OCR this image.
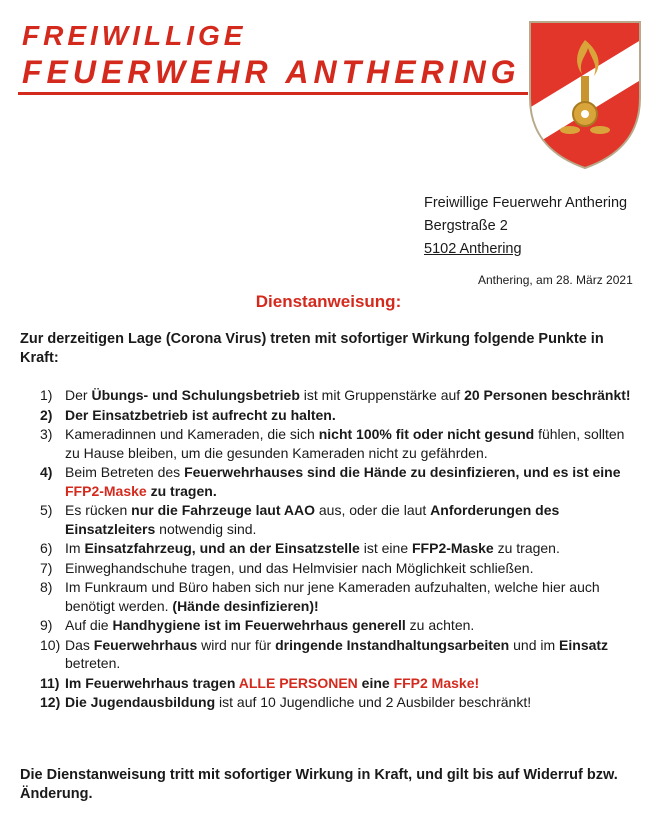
FREIWILLIGE
FEUERWEHR ANTHERING
Freiwillige Feuerwehr Anthering
Bergstraße 2
5102 Anthering
Anthering, am 28. März 2021
Dienstanweisung:
Zur derzeitigen Lage (Corona Virus) treten mit sofortiger Wirkung folgende Punkte in Kraft:
1) Der Übungs- und Schulungsbetrieb ist mit Gruppenstärke auf 20 Personen beschränkt!
2) Der Einsatzbetrieb ist aufrecht zu halten.
3) Kameradinnen und Kameraden, die sich nicht 100% fit oder nicht gesund fühlen, sollten zu Hause bleiben, um die gesunden Kameraden nicht zu gefährden.
4) Beim Betreten des Feuerwehrhauses sind die Hände zu desinfizieren, und es ist eine FFP2-Maske zu tragen.
5) Es rücken nur die Fahrzeuge laut AAO aus, oder die laut Anforderungen des Einsatzleiters notwendig sind.
6) Im Einsatzfahrzeug, und an der Einsatzstelle ist eine FFP2-Maske zu tragen.
7) Einweghandschuhe tragen, und das Helmvisier nach Möglichkeit schließen.
8) Im Funkraum und Büro haben sich nur jene Kameraden aufzuhalten, welche hier auch benötigt werden. (Hände desinfizieren)!
9) Auf die Handhygiene ist im Feuerwehrhaus generell zu achten.
10) Das Feuerwehrhaus wird nur für dringende Instandhaltungsarbeiten und im Einsatz betreten.
11) Im Feuerwehrhaus tragen ALLE PERSONEN eine FFP2 Maske!
12) Die Jugendausbildung ist auf 10 Jugendliche und 2 Ausbilder beschränkt!
Die Dienstanweisung tritt mit sofortiger Wirkung in Kraft, und gilt bis auf Widerruf bzw. Änderung.
